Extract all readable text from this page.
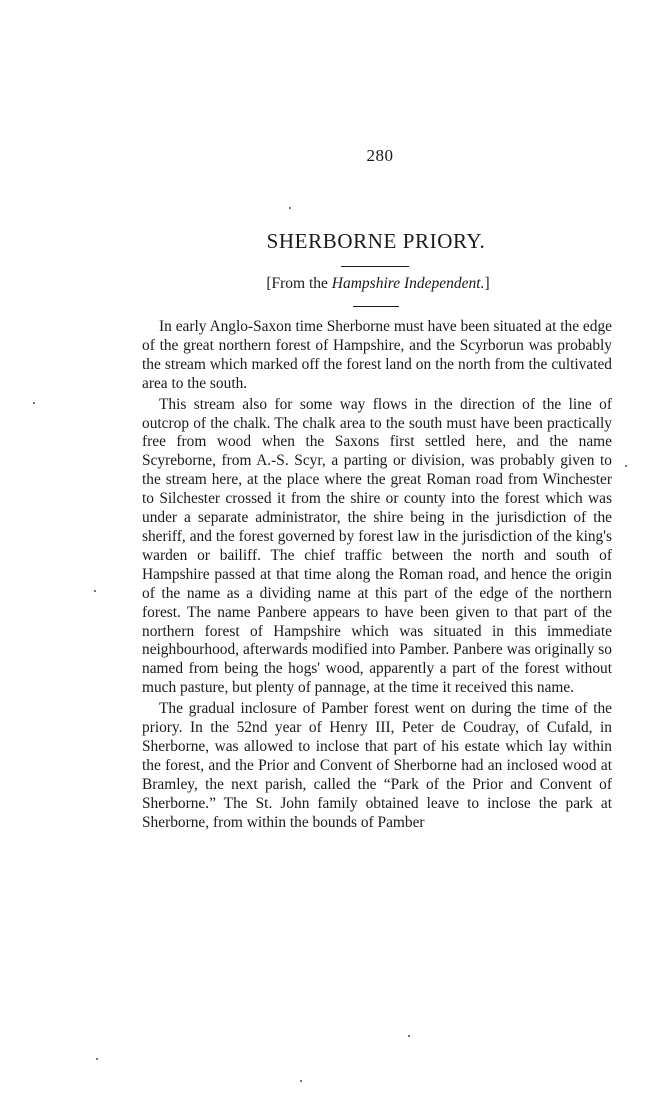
280
SHERBORNE PRIORY.
[From the Hampshire Independent.]

In early Anglo-Saxon time Sherborne must have been situated at the edge of the great northern forest of Hampshire, and the Scyrborun was probably the stream which marked off the forest land on the north from the cultivated area to the south.

This stream also for some way flows in the direction of the line of outcrop of the chalk. The chalk area to the south must have been practically free from wood when the Saxons first settled here, and the name Scyreborne, from A.-S. Scyr, a parting or division, was probably given to the stream here, at the place where the great Roman road from Winchester to Silchester crossed it from the shire or county into the forest which was under a separate administrator, the shire being in the jurisdiction of the sheriff, and the forest governed by forest law in the jurisdiction of the king's warden or bailiff. The chief traffic between the north and south of Hampshire passed at that time along the Roman road, and hence the origin of the name as a dividing name at this part of the edge of the northern forest. The name Panbere appears to have been given to that part of the northern forest of Hampshire which was situated in this immediate neighbourhood, afterwards modified into Pamber. Panbere was originally so named from being the hogs' wood, apparently a part of the forest without much pasture, but plenty of pannage, at the time it received this name.

The gradual inclosure of Pamber forest went on during the time of the priory. In the 52nd year of Henry III, Peter de Coudray, of Cufald, in Sherborne, was allowed to inclose that part of his estate which lay within the forest, and the Prior and Convent of Sherborne had an inclosed wood at Bramley, the next parish, called the “Park of the Prior and Convent of Sherborne.” The St. John family obtained leave to inclose the park at Sherborne, from within the bounds of Pamber
